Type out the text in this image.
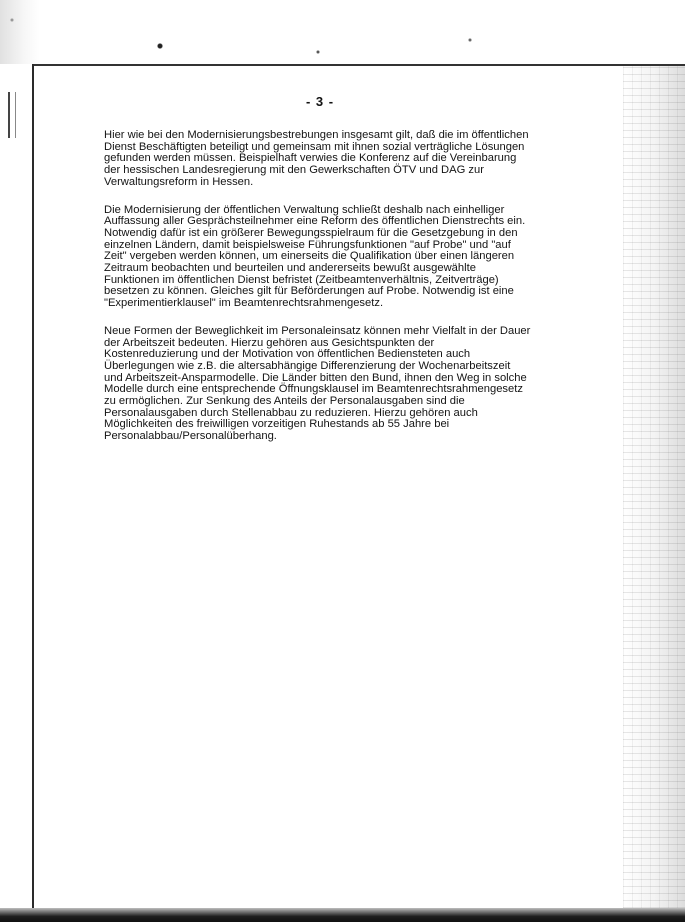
- 3 -

Hier wie bei den Modernisierungsbestrebungen insgesamt gilt, daß die im öffentlichen
Dienst Beschäftigten beteiligt und gemeinsam mit ihnen sozial verträgliche Lösungen
gefunden werden müssen. Beispielhaft verwies die Konferenz auf die Vereinbarung
der hessischen Landesregierung mit den Gewerkschaften ÖTV und DAG zur
Verwaltungsreform in Hessen.

Die Modernisierung der öffentlichen Verwaltung schließt deshalb nach einhelliger
Auffassung aller Gesprächsteilnehmer eine Reform des öffentlichen Dienstrechts ein.
Notwendig dafür ist ein größerer Bewegungsspielraum für die Gesetzgebung in den
einzelnen Ländern, damit beispielsweise Führungsfunktionen "auf Probe" und "auf
Zeit" vergeben werden können, um einerseits die Qualifikation über einen längeren
Zeitraum beobachten und beurteilen und andererseits bewußt ausgewählte
Funktionen im öffentlichen Dienst befristet (Zeitbeamtenverhältnis, Zeitverträge)
besetzen zu können. Gleiches gilt für Beförderungen auf Probe. Notwendig ist eine
"Experimentierklausel" im Beamtenrechtsrahmengesetz.

Neue Formen der Beweglichkeit im Personaleinsatz können mehr Vielfalt in der Dauer
der Arbeitszeit bedeuten. Hierzu gehören aus Gesichtspunkten der
Kostenreduzierung und der Motivation von öffentlichen Bediensteten auch
Überlegungen wie z.B. die altersabhängige Differenzierung der Wochenarbeitszeit
und Arbeitszeit-Ansparmodelle. Die Länder bitten den Bund, ihnen den Weg in solche
Modelle durch eine entsprechende Öffnungsklausel im Beamtenrechtsrahmengesetz
zu ermöglichen. Zur Senkung des Anteils der Personalausgaben sind die
Personalausgaben durch Stellenabbau zu reduzieren. Hierzu gehören auch
Möglichkeiten des freiwilligen vorzeitigen Ruhestands ab 55 Jahre bei
Personalabbau/Personalüberhang.
